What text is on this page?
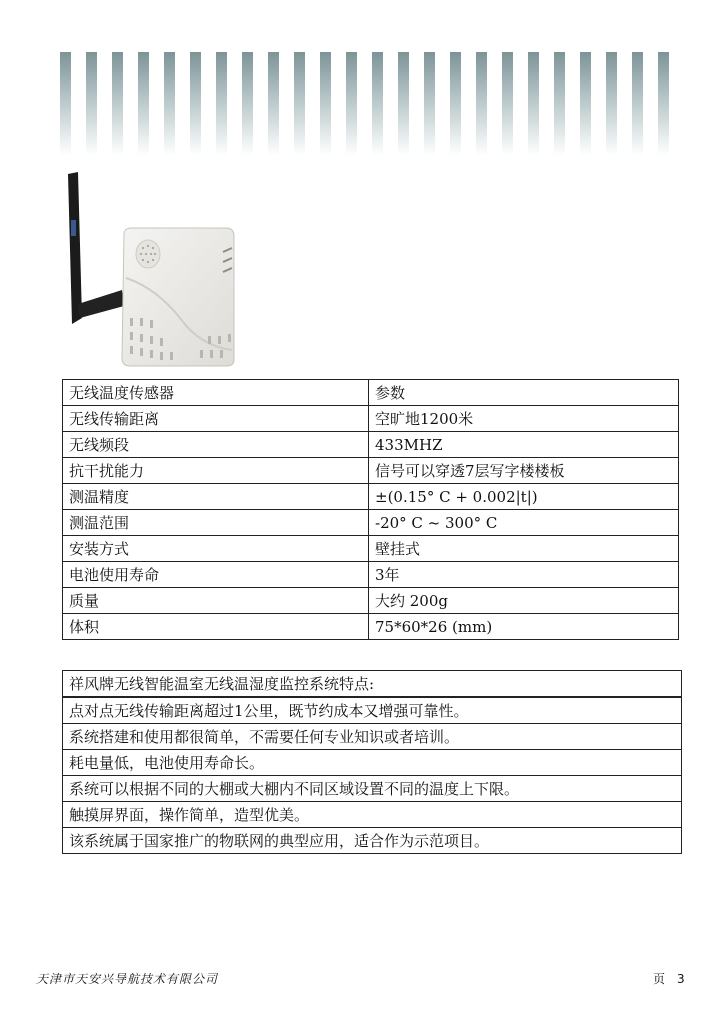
无线温度传感器	参数
无线传输距离	空旷地1200米
无线频段	433MHZ
抗干扰能力	信号可以穿透7层写字楼楼板
测温精度	±(0.15° C + 0.002|t|)
测温范围	-20° C ~ 300° C
安装方式	壁挂式
电池使用寿命	3年
质量	大约 200g
体积	75*60*26 (mm)
祥风牌无线智能温室无线温湿度监控系统特点:
点对点无线传输距离超过1公里，既节约成本又增强可靠性。
系统搭建和使用都很简单，不需要任何专业知识或者培训。
耗电量低，电池使用寿命长。
系统可以根据不同的大棚或大棚内不同区域设置不同的温度上下限。
触摸屏界面，操作简单，造型优美。
该系统属于国家推广的物联网的典型应用，适合作为示范项目。
天津市天安兴导航技术有限公司	页 3
